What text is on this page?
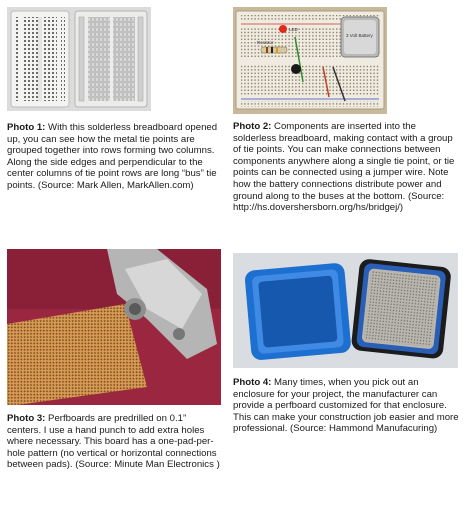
Resistor
LED
3 Volt Battery

Photo 1: With this solderless breadboard opened up, you can see how the metal tie points are grouped together into rows forming two columns. Along the side edges and perpendicular to the center columns of tie point rows are long “bus” tie points. (Source: Mark Allen, MarkAllen.com)

Photo 2: Components are inserted into the solderless breadboard, making contact with a group of tie points. You can make connections between components anywhere along a single tie point, or tie points can be connected using a jumper wire. Note how the battery connections distribute power and ground along to the buses at the bottom. (Source: http://hs.dovershersborn.org/hs/bridgej/)

Photo 3: Perfboards are predrilled on 0.1” centers. I use a hand punch to add extra holes where necessary. This board has a one-pad-per-hole pattern (no vertical or horizontal connections between pads). (Source: Minute Man Electronics )

Photo 4: Many times, when you pick out an enclosure for your project, the manufacturer can provide a perfboard customized for that enclosure. This can make your construction job easier and more professional. (Source: Hammond Manufacuring)
